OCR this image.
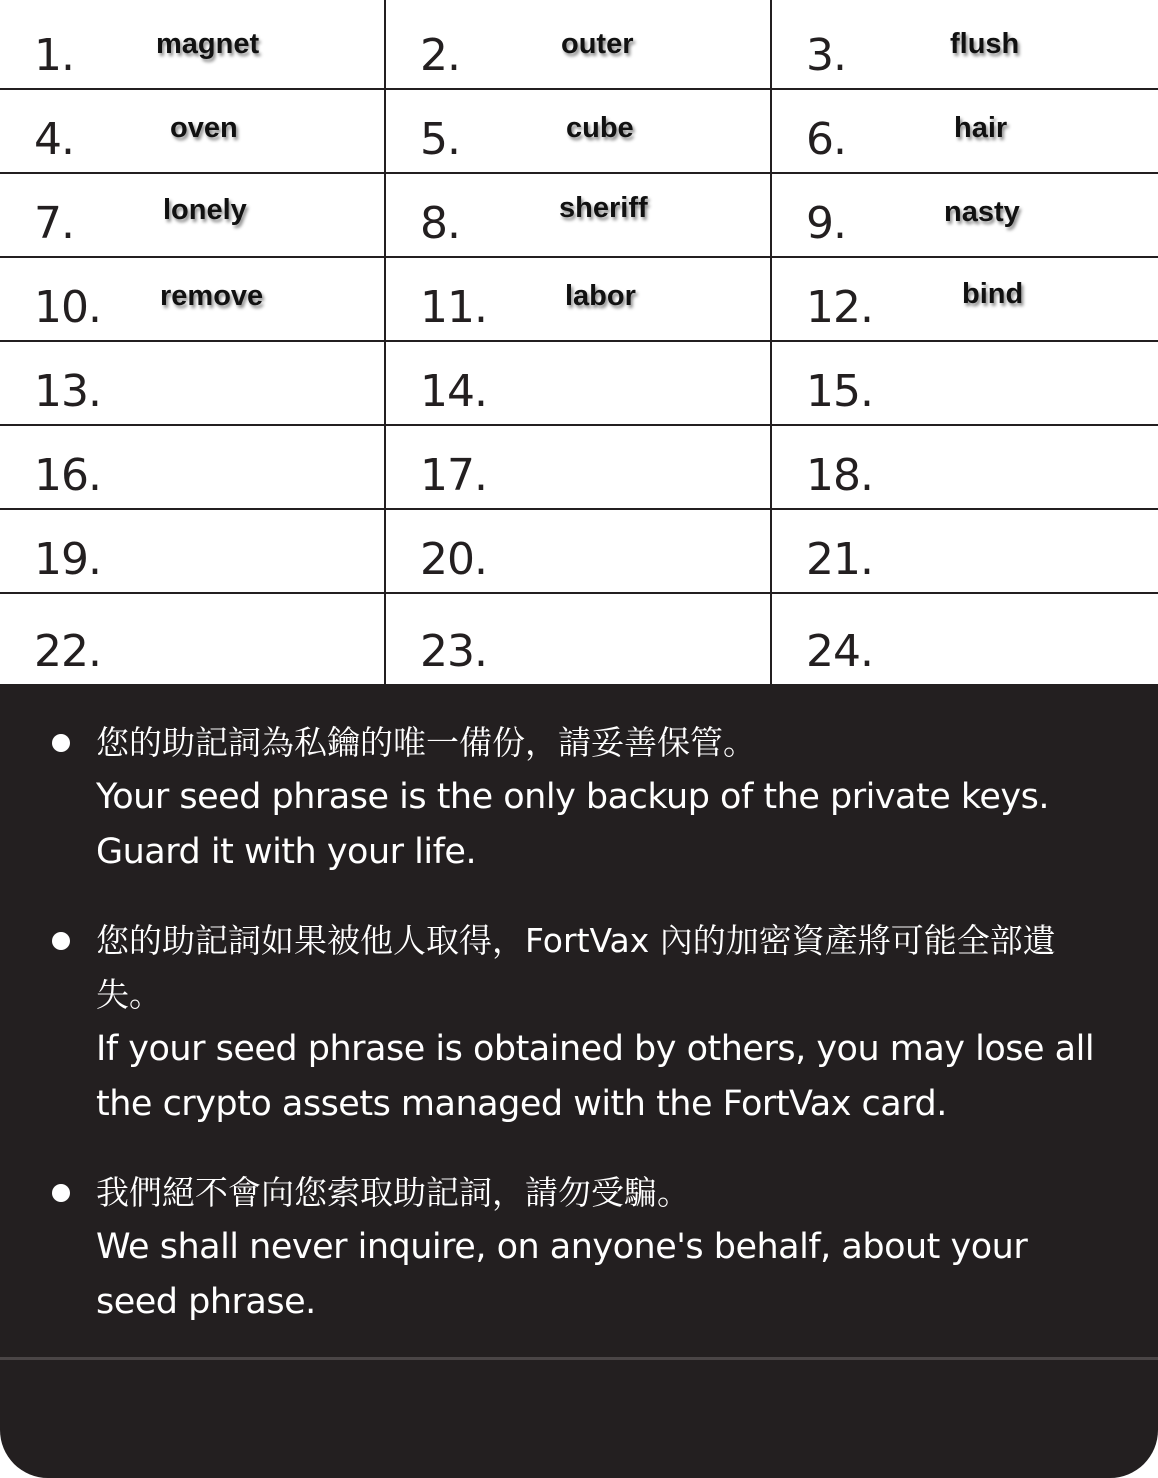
1.	magnet	2.	outer	3.	flush
4.	oven	5.	cube	6.	hair
7.	lonely	8.	sheriff	9.	nasty
10. remove	11.	labor	12.	bind
13.	14.	15.
16.	17.	18.
19.	20.	21.
22.	23.	24.
您的助記詞為私鑰的唯一備份，請妥善保管。
Your seed phrase is the only backup of the private keys. Guard it with your life.
您的助記詞如果被他人取得，FortVax 內的加密資產將可能全部遺失。
If your seed phrase is obtained by others, you may lose all the crypto assets managed with the FortVax card.
我們絕不會向您索取助記詞，請勿受騙。
We shall never inquire, on anyone's behalf, about your seed phrase.
